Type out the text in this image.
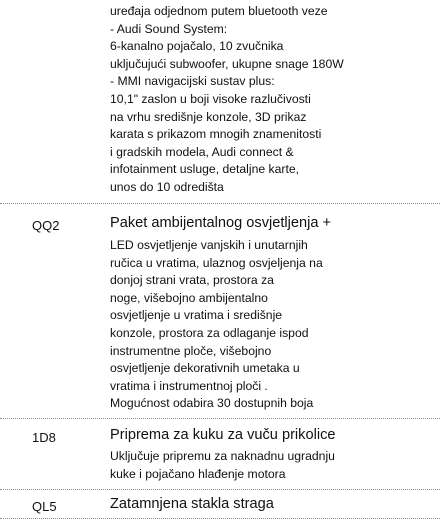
uređaja odjednom putem bluetooth veze
- Audi Sound System:
6-kanalno pojačalo, 10 zvučnika
uključujući subwoofer, ukupne snage 180W
- MMI navigacijski sustav plus:
10,1" zaslon u boji visoke razlučivosti
na vrhu središnje konzole, 3D prikaz
karata s prikazom mnogih znamenitosti
i gradskih modela, Audi connect &
infotainment usluge, detaljne karte,
unos do 10 odredišta
QQ2	Paket ambijentalnog osvjetljenja +
LED osvjetljenje vanjskih i unutarnjih
ručica u vratima, ulaznog osvjeljenja na
donjoj strani vrata, prostora za
noge, višebojno ambijentalno
osvjetljenje u vratima i središnje
konzole, prostora za odlaganje ispod
instrumentne ploče, višebojno
osvjetljenje dekorativnih umetaka u
vratima i instrumentnoj ploči .
Mogućnost odabira 30 dostupnih boja
1D8	Priprema za kuku za vuču prikolice
Uključuje pripremu za naknadnu ugradnju
kuke i pojačano hlađenje motora
QL5	Zatamnjena stakla straga
